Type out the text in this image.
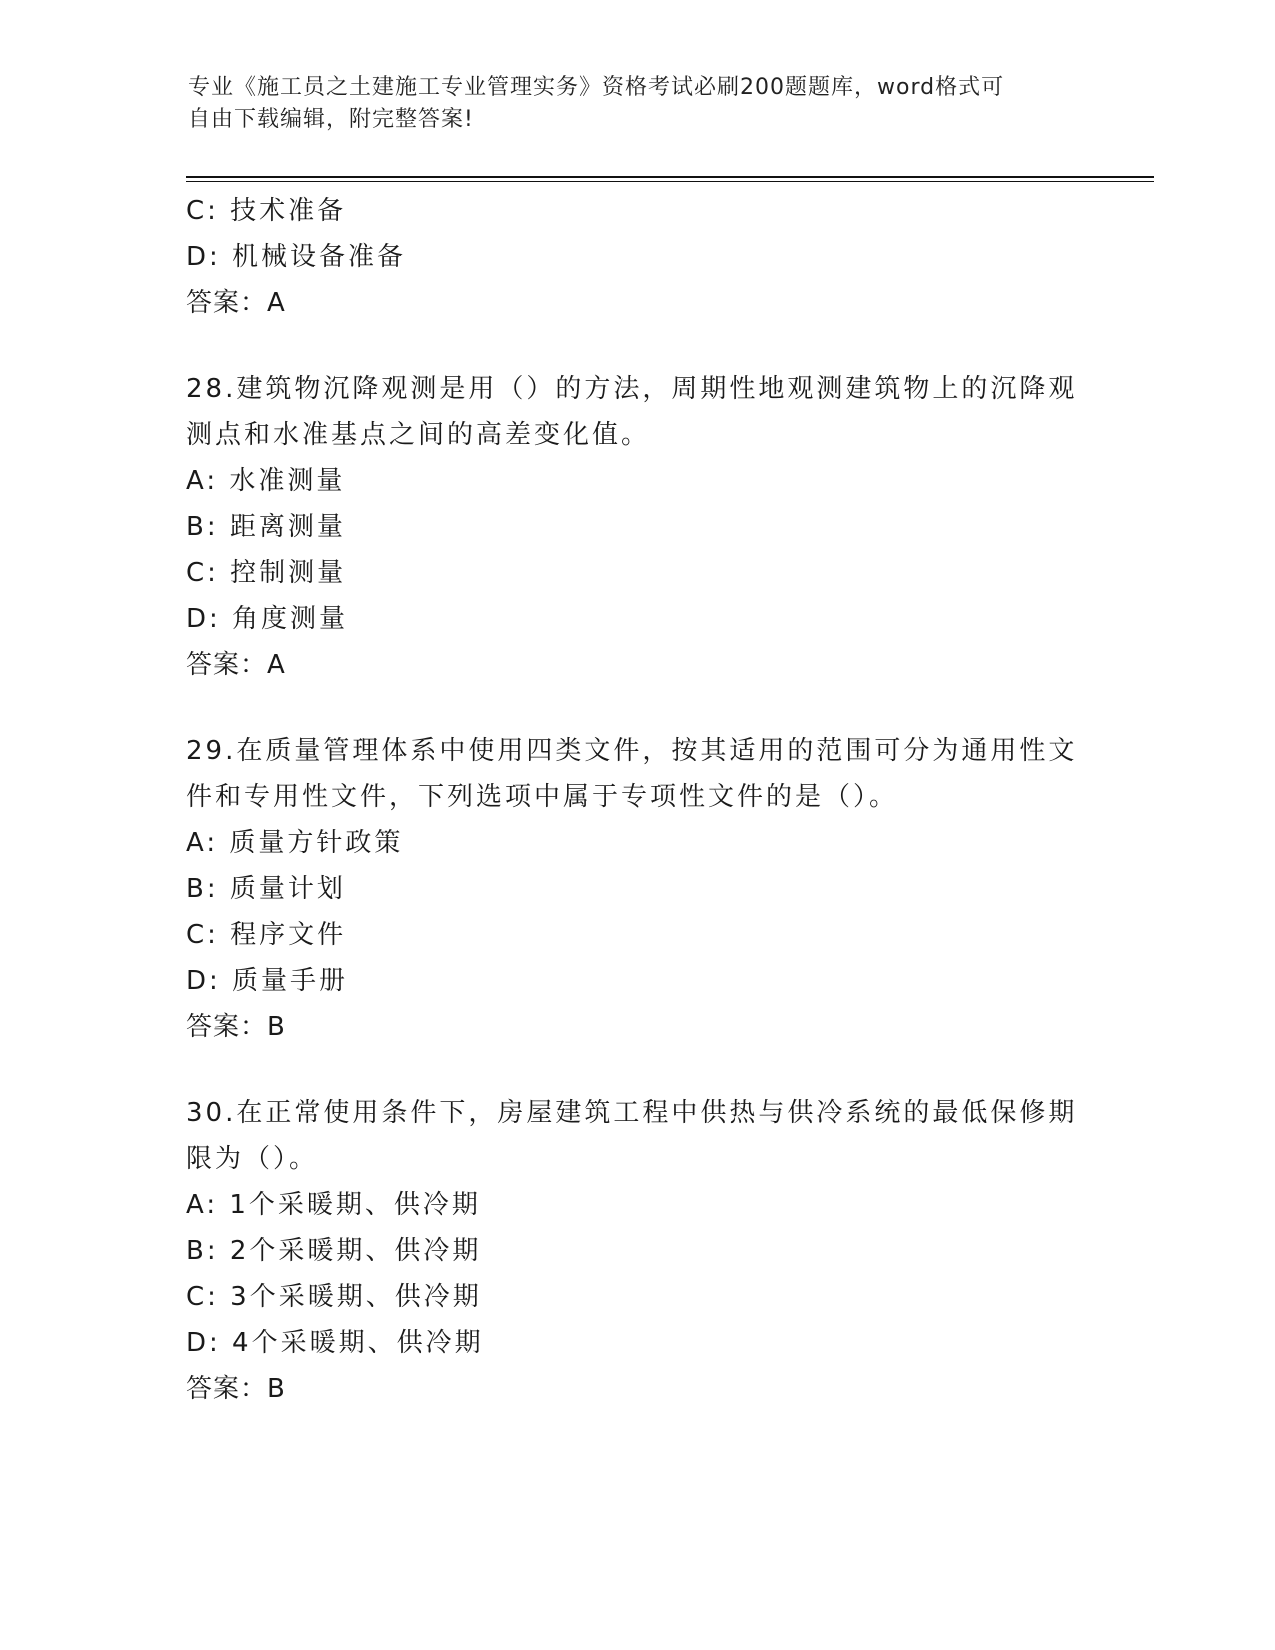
专业《施工员之土建施工专业管理实务》资格考试必刷200题题库，word格式可
自由下载编辑，附完整答案!
C: 技术准备
D: 机械设备准备
答案：A
28.建筑物沉降观测是用（）的方法，周期性地观测建筑物上的沉降观
测点和水准基点之间的高差变化值。
A: 水准测量
B: 距离测量
C: 控制测量
D: 角度测量
答案：A
29.在质量管理体系中使用四类文件，按其适用的范围可分为通用性文
件和专用性文件，下列选项中属于专项性文件的是（）。
A: 质量方针政策
B: 质量计划
C: 程序文件
D: 质量手册
答案：B
30.在正常使用条件下，房屋建筑工程中供热与供冷系统的最低保修期
限为（）。
A: 1个采暖期、供冷期
B: 2个采暖期、供冷期
C: 3个采暖期、供冷期
D: 4个采暖期、供冷期
答案：B
